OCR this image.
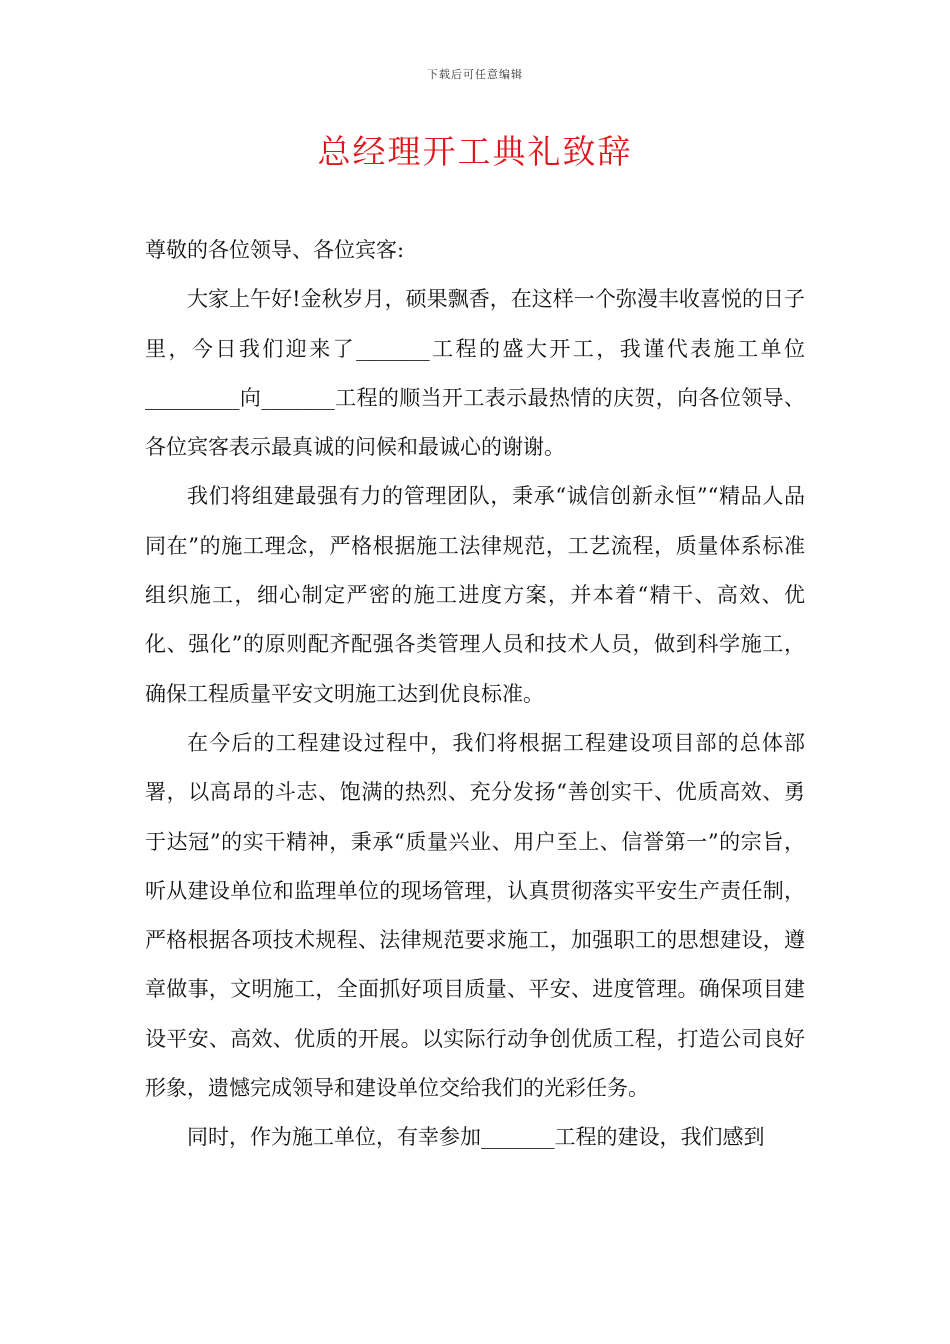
下载后可任意编辑
总经理开工典礼致辞

尊敬的各位领导、各位宾客:

大家上午好!金秋岁月，硕果飘香，在这样一个弥漫丰收喜悦的日子里，今日我们迎来了_______工程的盛大开工，我谨代表施工单位_________向_______工程的顺当开工表示最热情的庆贺，向各位领导、各位宾客表示最真诚的问候和最诚心的谢谢。

我们将组建最强有力的管理团队，秉承“诚信创新永恒”“精品人品同在”的施工理念，严格根据施工法律规范，工艺流程，质量体系标准组织施工，细心制定严密的施工进度方案，并本着“精干、高效、优化、强化”的原则配齐配强各类管理人员和技术人员，做到科学施工，确保工程质量平安文明施工达到优良标准。

在今后的工程建设过程中，我们将根据工程建设项目部的总体部署，以高昂的斗志、饱满的热烈、充分发扬“善创实干、优质高效、勇于达冠”的实干精神，秉承“质量兴业、用户至上、信誉第一”的宗旨，听从建设单位和监理单位的现场管理，认真贯彻落实平安生产责任制，严格根据各项技术规程、法律规范要求施工，加强职工的思想建设，遵章做事，文明施工，全面抓好项目质量、平安、进度管理。确保项目建设平安、高效、优质的开展。以实际行动争创优质工程，打造公司良好形象，遗憾完成领导和建设单位交给我们的光彩任务。

同时，作为施工单位，有幸参加_______工程的建设，我们感到
